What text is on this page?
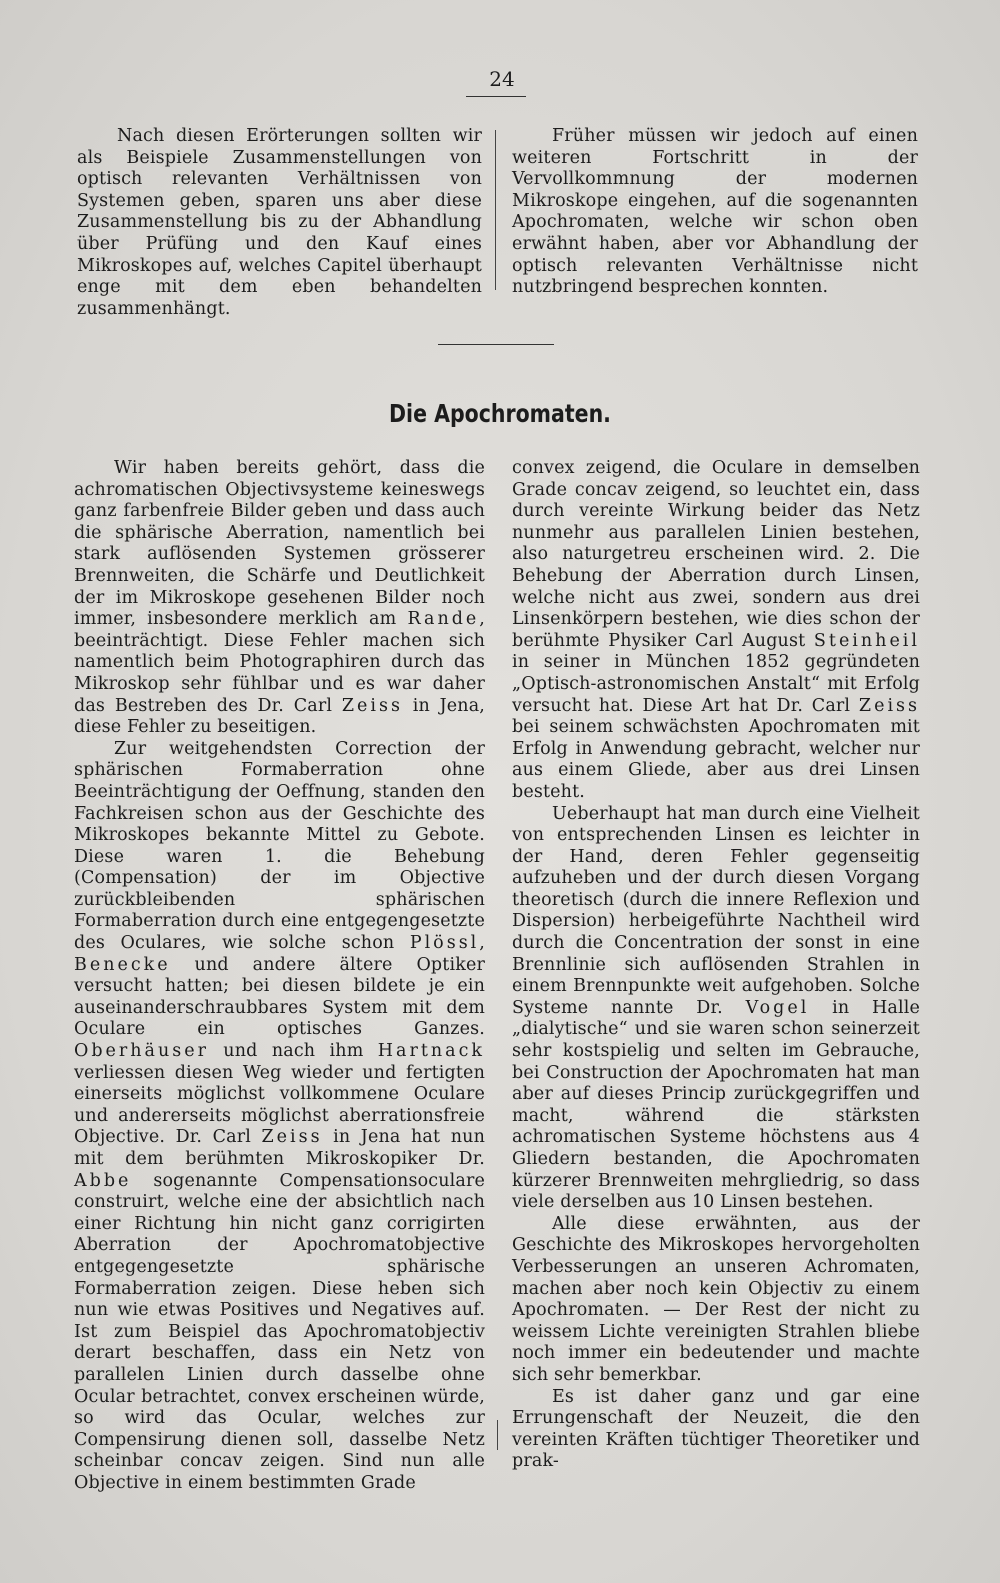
24

Nach diesen Erörterungen sollten wir als Beispiele Zusammenstellungen von optisch relevanten Verhältnissen von Systemen geben, sparen uns aber diese Zusammenstellung bis zu der Abhandlung über Prüfüng und den Kauf eines Mikroskopes auf, welches Capitel überhaupt enge mit dem eben behandelten zusammenhängt.

Früher müssen wir jedoch auf einen weiteren Fortschritt in der Vervollkommnung der modernen Mikroskope eingehen, auf die sogenannten Apochromaten, welche wir schon oben erwähnt haben, aber vor Abhandlung der optisch relevanten Verhältnisse nicht nutzbringend besprechen konnten.

Die Apochromaten.

Wir haben bereits gehört, dass die achromatischen Objectivsysteme keineswegs ganz farbenfreie Bilder geben und dass auch die sphärische Aberration, namentlich bei stark auflösenden Systemen grösserer Brennweiten, die Schärfe und Deutlichkeit der im Mikroskope gesehenen Bilder noch immer, insbesondere merklich am Rande, beeinträchtigt. Diese Fehler machen sich namentlich beim Photographiren durch das Mikroskop sehr fühlbar und es war daher das Bestreben des Dr. Carl Zeiss in Jena, diese Fehler zu beseitigen.

Zur weitgehendsten Correction der sphärischen Formaberration ohne Beeinträchtigung der Oeffnung, standen den Fachkreisen schon aus der Geschichte des Mikroskopes bekannte Mittel zu Gebote. Diese waren 1. die Behebung (Compensation) der im Objective zurückbleibenden sphärischen Formaberration durch eine entgegengesetzte des Oculares, wie solche schon Plössl, Benecke und andere ältere Optiker versucht hatten; bei diesen bildete je ein auseinanderschraubbares System mit dem Oculare ein optisches Ganzes. Oberhäuser und nach ihm Hartnack verliessen diesen Weg wieder und fertigten einerseits möglichst vollkommene Oculare und andererseits möglichst aberrationsfreie Objective. Dr. Carl Zeiss in Jena hat nun mit dem berühmten Mikroskopiker Dr. Abbe sogenannte Compensationsoculare construirt, welche eine der absichtlich nach einer Richtung hin nicht ganz corrigirten Aberration der Apochromatobjective entgegengesetzte sphärische Formaberration zeigen. Diese heben sich nun wie etwas Positives und Negatives auf. Ist zum Beispiel das Apochromatobjectiv derart beschaffen, dass ein Netz von parallelen Linien durch dasselbe ohne Ocular betrachtet, convex erscheinen würde, so wird das Ocular, welches zur Compensirung dienen soll, dasselbe Netz scheinbar concav zeigen. Sind nun alle Objective in einem bestimmten Grade

convex zeigend, die Oculare in demselben Grade concav zeigend, so leuchtet ein, dass durch vereinte Wirkung beider das Netz nunmehr aus parallelen Linien bestehen, also naturgetreu erscheinen wird. 2. Die Behebung der Aberration durch Linsen, welche nicht aus zwei, sondern aus drei Linsenkörpern bestehen, wie dies schon der berühmte Physiker Carl August Steinheil in seiner in München 1852 gegründeten „Optisch-astronomischen Anstalt“ mit Erfolg versucht hat. Diese Art hat Dr. Carl Zeiss bei seinem schwächsten Apochromaten mit Erfolg in Anwendung gebracht, welcher nur aus einem Gliede, aber aus drei Linsen besteht.

Ueberhaupt hat man durch eine Vielheit von entsprechenden Linsen es leichter in der Hand, deren Fehler gegenseitig aufzuheben und der durch diesen Vorgang theoretisch (durch die innere Reflexion und Dispersion) herbeigeführte Nachtheil wird durch die Concentration der sonst in eine Brennlinie sich auflösenden Strahlen in einem Brennpunkte weit aufgehoben. Solche Systeme nannte Dr. Vogel in Halle „dialytische“ und sie waren schon seinerzeit sehr kostspielig und selten im Gebrauche, bei Construction der Apochromaten hat man aber auf dieses Princip zurückgegriffen und macht, während die stärksten achromatischen Systeme höchstens aus 4 Gliedern bestanden, die Apochromaten kürzerer Brennweiten mehrgliedrig, so dass viele derselben aus 10 Linsen bestehen.

Alle diese erwähnten, aus der Geschichte des Mikroskopes hervorgeholten Verbesserungen an unseren Achromaten, machen aber noch kein Objectiv zu einem Apochromaten. — Der Rest der nicht zu weissem Lichte vereinigten Strahlen bliebe noch immer ein bedeutender und machte sich sehr bemerkbar.

Es ist daher ganz und gar eine Errungenschaft der Neuzeit, die den vereinten Kräften tüchtiger Theoretiker und prak-
